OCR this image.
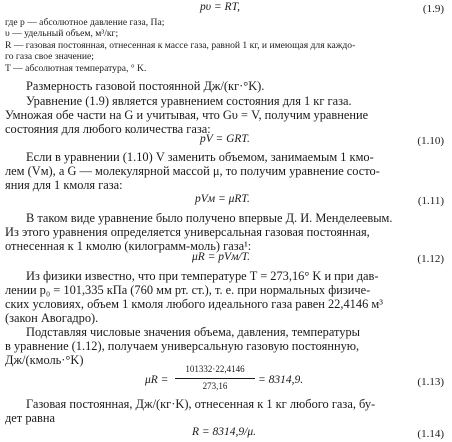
pυ = RT,	(1.9)
где p — абсолютное давление газа, Па;
υ — удельный объем, м³/кг;
R — газовая постоянная, отнесенная к массе газа, равной 1 кг, и имеющая для каждо-
го газа свое значение;
T — абсолютная температура, ° K.
Размерность газовой постоянной Дж/(кг·°K).
Уравнение (1.9) является уравнением состояния для 1 кг газа.
Умножая обе части на G и учитывая, что Gυ = V, получим уравнение
состояния для любого количества газа:
pV = GRT.	(1.10)
Если в уравнении (1.10) V заменить объемом, занимаемым 1 кмо-
лем (Vм), а G — молекулярной массой μ, то получим уравнение состо-
яния для 1 кмоля газа:
pVм = μRT.	(1.11)
В таком виде уравнение было получено впервые Д. И. Менделеевым.
Из этого уравнения определяется универсальная газовая постоянная,
отнесенная к 1 кмолю (килограмм-моль) газа¹:
μR = pVм/T.	(1.12)
Из физики известно, что при температуре T = 273,16° K и при дав-
лении p₀ = 101,335 кПа (760 мм рт. ст.), т. е. при нормальных физиче-
ских условиях, объем 1 кмоля любого идеального газа равен 22,4146 м³
(закон Авогадро).
Подставляя числовые значения объема, давления, температуры
в уравнение (1.12), получаем универсальную газовую постоянную,
Дж/(кмоль·°K)
μR =
101332·22,4146
273,16	= 8314,9.	(1.13)
Газовая постоянная, Дж/(кг·K), отнесенная к 1 кг любого газа, бу-
дет равна
R = 8314,9/μ.	(1.14)
